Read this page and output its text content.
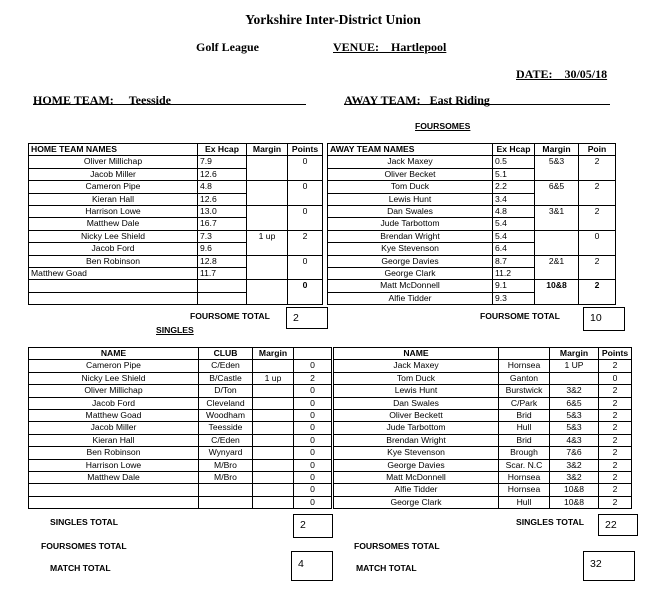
Yorkshire Inter-District Union
Golf League	VENUE: Hartlepool
DATE: 30/05/18
HOME TEAM: Teesside	AWAY TEAM: East Riding
FOURSOMES
HOME TEAM NAMES	Ex Hcap	Margin	Points
Oliver Millichap	7.9		0
Jacob Miller	12.6		
Cameron Pipe	4.8		0
Kieran Hall	12.6		
Harrison Lowe	13.0		0
Matthew Dale	16.7		
Nicky Lee Shield	7.3	1 up	2
Jacob Ford	9.6		
Ben Robinson	12.8		0
Matthew Goad	11.7		
			0

AWAY TEAM NAMES	Ex Hcap	Margin	Poin
Jack Maxey	0.5	5&3	2
Oliver Becket	5.1		
Tom Duck	2.2	6&5	2
Lewis Hunt	3.4		
Dan Swales	4.8	3&1	2
Jude Tarbottom	5.4		
Brendan Wright	5.4		0
Kye Stevenson	6.4		
George Davies	8.7	2&1	2
George Clark	11.2		
Matt McDonnell	9.1	10&8	2
Alfie Tidder	9.3		
FOURSOME TOTAL 2	FOURSOME TOTAL	10
SINGLES
NAME	CLUB	Margin	
Cameron Pipe	C/Eden		0
Nicky Lee Shield	B/Castle	1 up	2
Oliver Millichap	D/Ton		0
Jacob Ford	Cleveland		0
Matthew Goad	Woodham		0
Jacob Miller	Teesside		0
Kieran Hall	C/Eden		0
Ben Robinson	Wynyard		0
Harrison Lowe	M/Bro		0
Matthew Dale	M/Bro		0
			0
			0
NAME		Margin	Points
Jack Maxey	Hornsea	1 UP	2
Tom Duck	Ganton		0
Lewis Hunt	Burstwick	3&2	2
Dan Swales	C/Park	6&5	2
Oliver Beckett	Brid	5&3	2
Jude Tarbottom	Hull	5&3	2
Brendan Wright	Brid	4&3	2
Kye Stevenson	Brough	7&6	2
George Davies	Scar. N.C	3&2	2
Matt McDonnell	Hornsea	3&2	2
Alfie Tidder	Hornsea	10&8	2
George Clark	Hull	10&8	2
SINGLES TOTAL	2	SINGLES TOTAL 22
FOURSOMES TOTAL	FOURSOMES TOTAL
MATCH TOTAL	4	MATCH TOTAL	32
